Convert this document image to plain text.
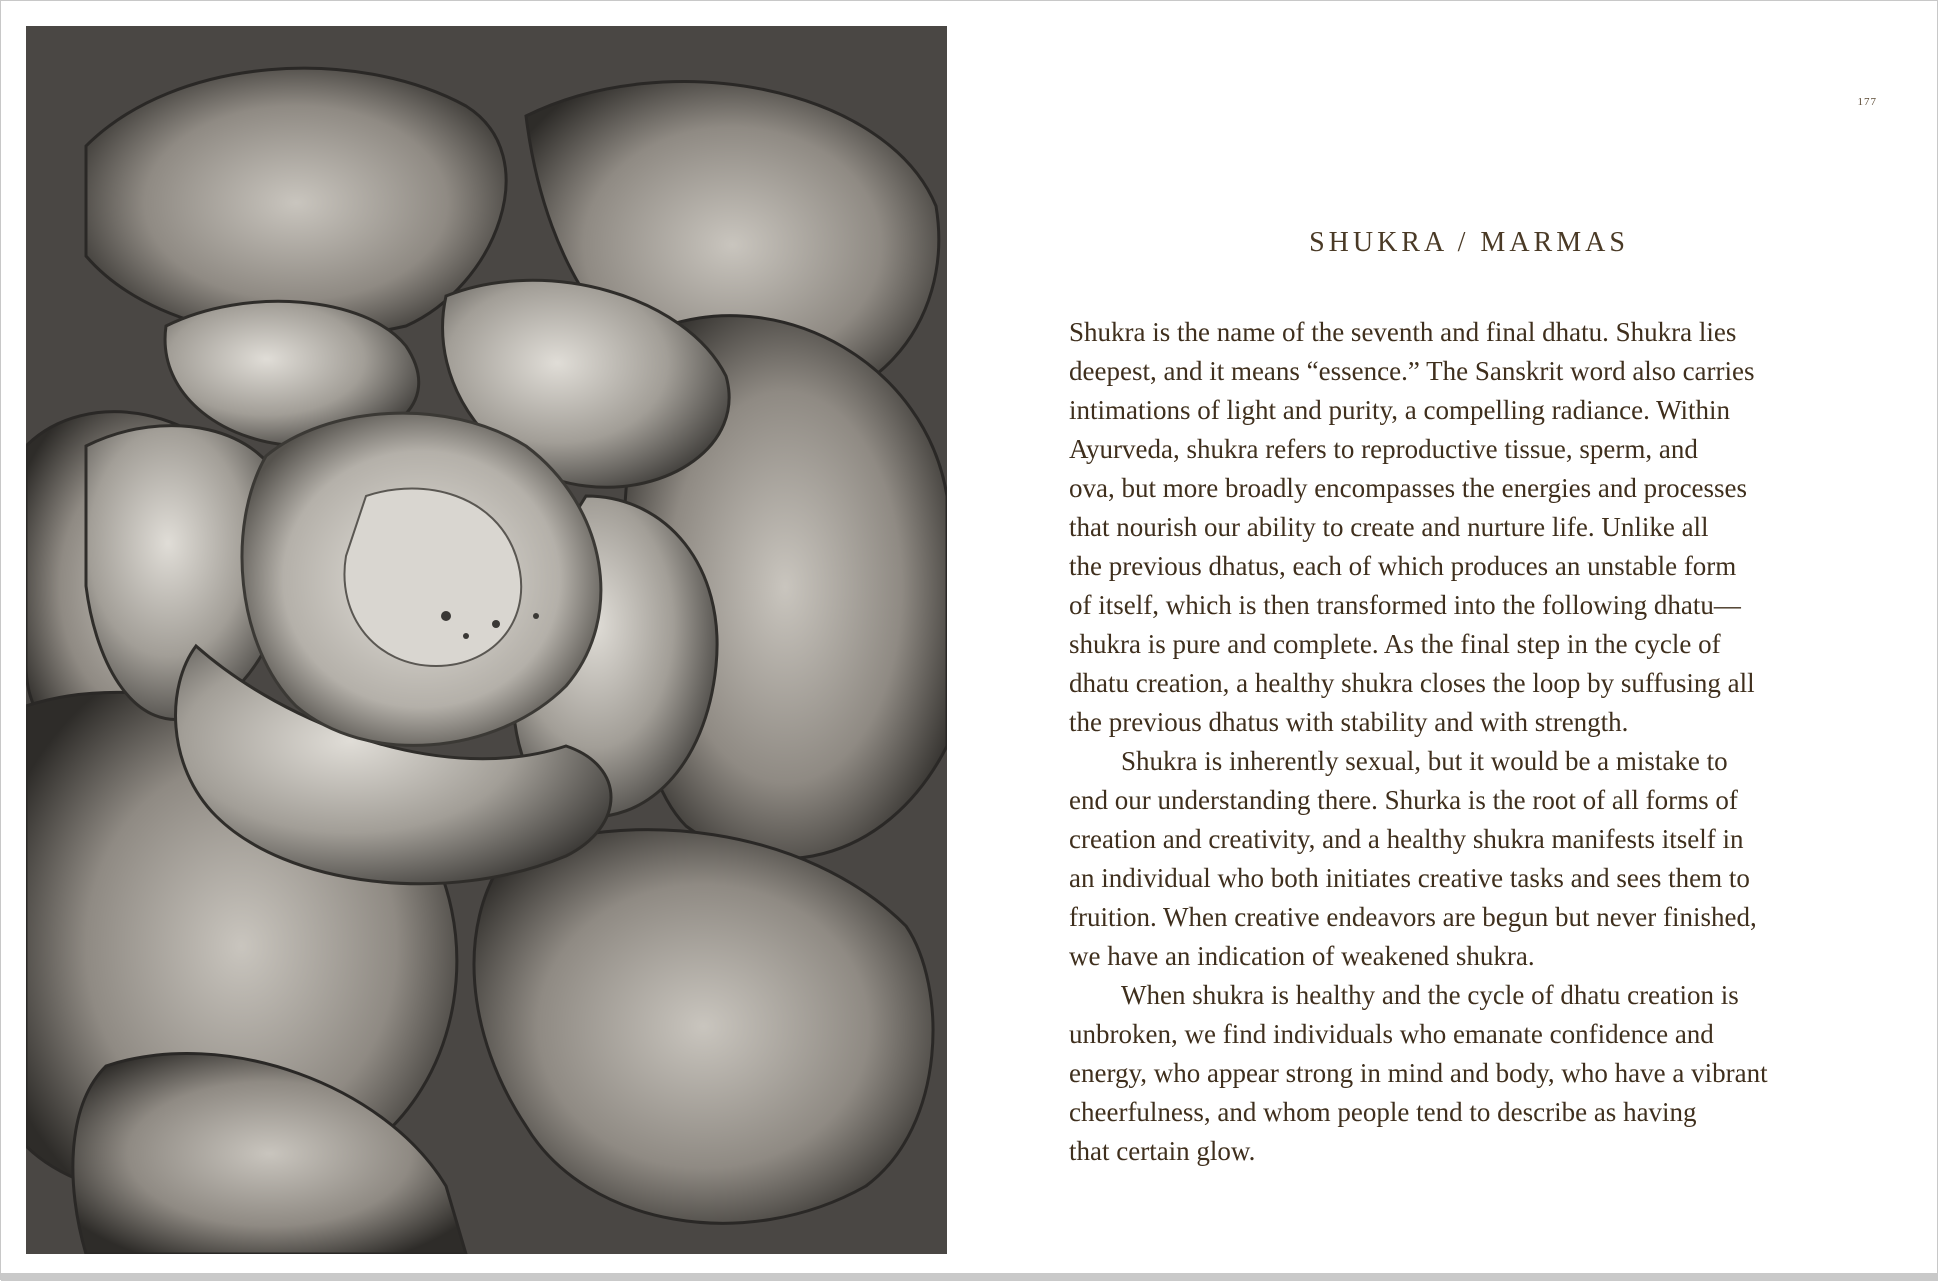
177
SHUKRA / MARMAS

Shukra is the name of the seventh and final dhatu. Shukra lies
deepest, and it means “essence.” The Sanskrit word also carries
intimations of light and purity, a compelling radiance. Within
Ayurveda, shukra refers to reproductive tissue, sperm, and
ova, but more broadly encompasses the energies and processes
that nourish our ability to create and nurture life. Unlike all
the previous dhatus, each of which produces an unstable form
of itself, which is then transformed into the following dhatu—
shukra is pure and complete. As the final step in the cycle of
dhatu creation, a healthy shukra closes the loop by suffusing all
the previous dhatus with stability and with strength.

Shukra is inherently sexual, but it would be a mistake to
end our understanding there. Shurka is the root of all forms of
creation and creativity, and a healthy shukra manifests itself in
an individual who both initiates creative tasks and sees them to
fruition. When creative endeavors are begun but never finished,
we have an indication of weakened shukra.

When shukra is healthy and the cycle of dhatu creation is
unbroken, we find individuals who emanate confidence and
energy, who appear strong in mind and body, who have a vibrant
cheerfulness, and whom people tend to describe as having
that certain glow.
